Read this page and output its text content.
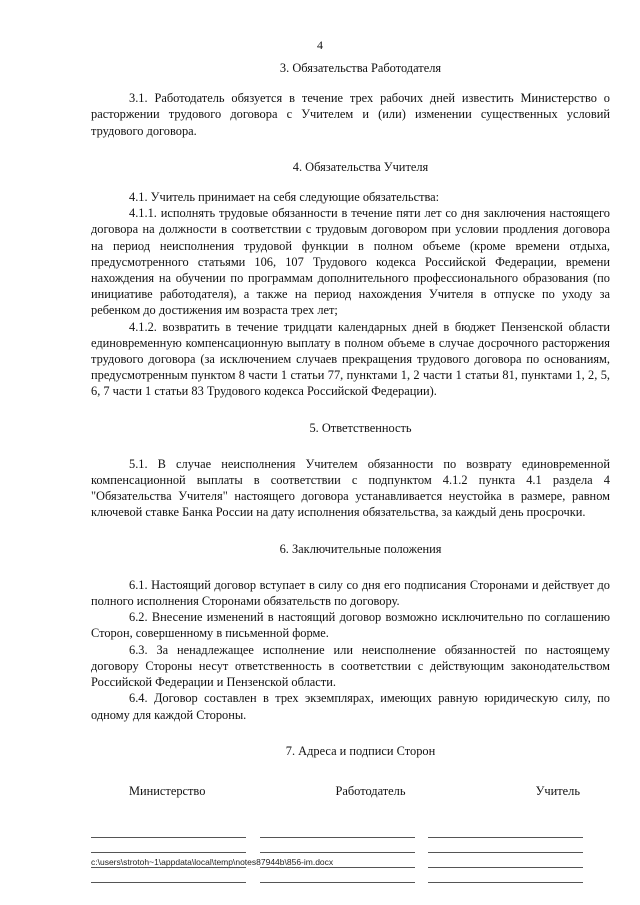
4
3. Обязательства Работодателя

3.1. Работодатель обязуется в течение трех рабочих дней известить Министерство о расторжении трудового договора с Учителем и (или) изменении существенных условий трудового договора.

4. Обязательства Учителя

4.1. Учитель принимает на себя следующие обязательства:

4.1.1. исполнять трудовые обязанности в течение пяти лет со дня заключения настоящего договора на должности в соответствии с трудовым договором при условии продления договора на период неисполнения трудовой функции в полном объеме (кроме времени отдыха, предусмотренного статьями 106, 107 Трудового кодекса Российской Федерации, времени нахождения на обучении по программам дополнительного профессионального образования (по инициативе работодателя), а также на период нахождения Учителя в отпуске по уходу за ребенком до достижения им возраста трех лет;

4.1.2. возвратить в течение тридцати календарных дней в бюджет Пензенской области единовременную компенсационную выплату в полном объеме в случае досрочного расторжения трудового договора (за исключением случаев прекращения трудового договора по основаниям, предусмотренным пунктом 8 части 1 статьи 77, пунктами 1, 2 части 1 статьи 81, пунктами 1, 2, 5, 6, 7 части 1 статьи 83 Трудового кодекса Российской Федерации).

5. Ответственность

5.1. В случае неисполнения Учителем обязанности по возврату единовременной компенсационной выплаты в соответствии с подпунктом 4.1.2 пункта 4.1 раздела 4 "Обязательства Учителя" настоящего договора устанавливается неустойка в размере, равном ключевой ставке Банка России на дату исполнения обязательства, за каждый день просрочки.

6. Заключительные положения

6.1. Настоящий договор вступает в силу со дня его подписания Сторонами и действует до полного исполнения Сторонами обязательств по договору.

6.2. Внесение изменений в настоящий договор возможно исключительно по соглашению Сторон, совершенному в письменной форме.

6.3. За ненадлежащее исполнение или неисполнение обязанностей по настоящему договору Стороны несут ответственность в соответствии с действующим законодательством Российской Федерации и Пензенской области.

6.4. Договор составлен в трех экземплярах, имеющих равную юридическую силу, по одному для каждой Стороны.

7. Адреса и подписи Сторон
Министерство	Работодатель	Учитель
c:\users\strotoh~1\appdata\local\temp\notes87944b\856-im.docx
